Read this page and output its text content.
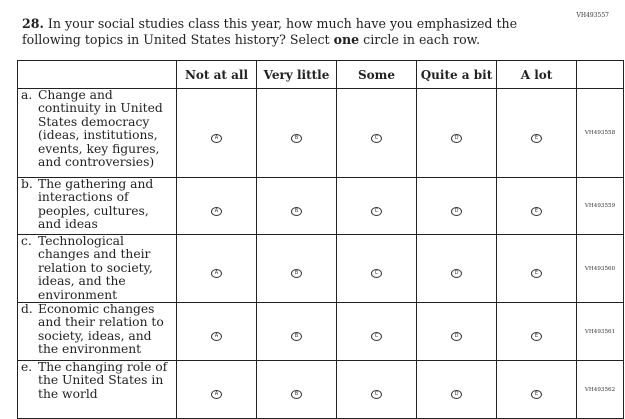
VH493557
28. In your social studies class this year, how much have you emphasized the following topics in United States history? Select one circle in each row.
	Not at all	Very little	Some	Quite a bit	A lot	

a. Change and continuity in United States democracy (ideas, institutions, events, key figures, and controversies)	A	B	C	D	E	VH493558

b. The gathering and interactions of peoples, cultures, and ideas	A	B	C	D	E	VH493559

c. Technological changes and their relation to society, ideas, and the environment	A	B	C	D	E	VH493560

d. Economic changes and their relation to society, ideas, and the environment	A	B	C	D	E	VH493561

e. The changing role of the United States in the world	A	B	C	D	E	VH493562
